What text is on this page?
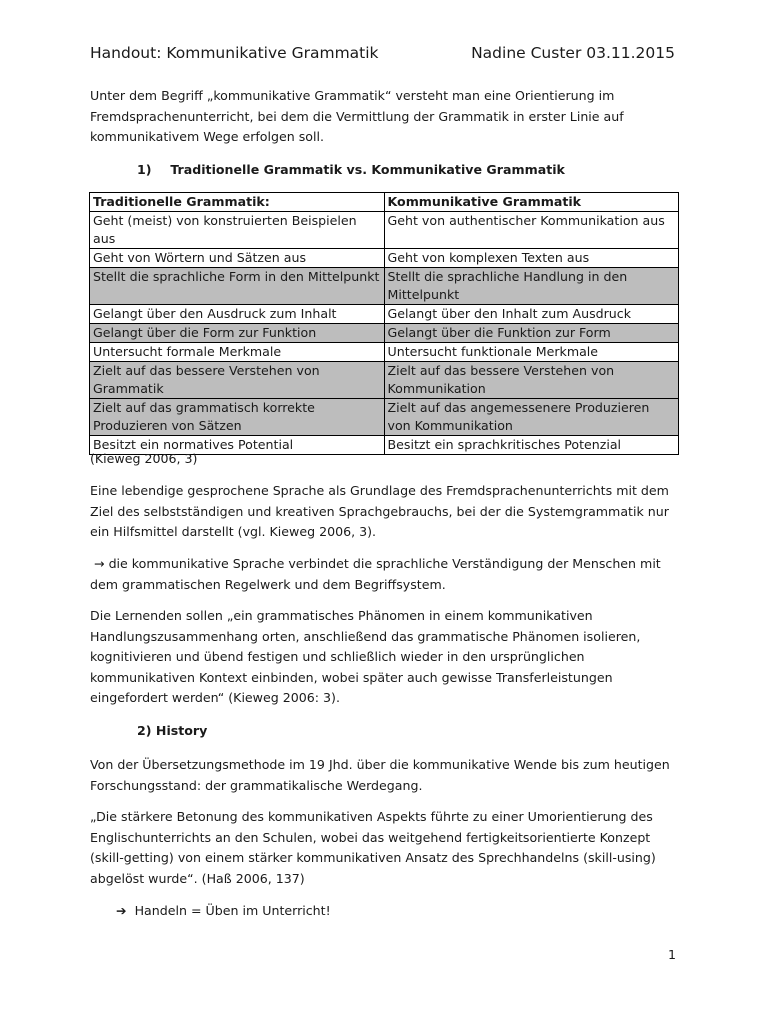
Handout: Kommunikative Grammatik	Nadine Custer 03.11.2015
Unter dem Begriff „kommunikative Grammatik“ versteht man eine Orientierung im Fremdsprachenunterricht, bei dem die Vermittlung der Grammatik in erster Linie auf kommunikativem Wege erfolgen soll.
1) Traditionelle Grammatik vs. Kommunikative Grammatik
Traditionelle Grammatik:	Kommunikative Grammatik
Geht (meist) von konstruierten Beispielen aus	Geht von authentischer Kommunikation aus
Geht von Wörtern und Sätzen aus	Geht von komplexen Texten aus
Stellt die sprachliche Form in den Mittelpunkt	Stellt die sprachliche Handlung in den Mittelpunkt
Gelangt über den Ausdruck zum Inhalt	Gelangt über den Inhalt zum Ausdruck
Gelangt über die Form zur Funktion	Gelangt über die Funktion zur Form
Untersucht formale Merkmale	Untersucht funktionale Merkmale
Zielt auf das bessere Verstehen von Grammatik	Zielt auf das bessere Verstehen von Kommunikation
Zielt auf das grammatisch korrekte Produzieren von Sätzen	Zielt auf das angemessenere Produzieren von Kommunikation
Besitzt ein normatives Potential	Besitzt ein sprachkritisches Potenzial
(Kieweg 2006, 3)
Eine lebendige gesprochene Sprache als Grundlage des Fremdsprachenunterrichts mit dem Ziel des selbstständigen und kreativen Sprachgebrauchs, bei der die Systemgrammatik nur ein Hilfsmittel darstellt (vgl. Kieweg 2006, 3).
→ die kommunikative Sprache verbindet die sprachliche Verständigung der Menschen mit dem grammatischen Regelwerk und dem Begriffsystem.
Die Lernenden sollen „ein grammatisches Phänomen in einem kommunikativen Handlungszusammenhang orten, anschließend das grammatische Phänomen isolieren, kognitivieren und übend festigen und schließlich wieder in den ursprünglichen kommunikativen Kontext einbinden, wobei später auch gewisse Transferleistungen eingefordert werden“ (Kieweg 2006: 3).
2) History
Von der Übersetzungsmethode im 19 Jhd. über die kommunikative Wende bis zum heutigen Forschungsstand: der grammatikalische Werdegang.
„Die stärkere Betonung des kommunikativen Aspekts führte zu einer Umorientierung des Englischunterrichts an den Schulen, wobei das weitgehend fertigkeitsorientierte Konzept (skill-getting) von einem stärker kommunikativen Ansatz des Sprechhandelns (skill-using) abgelöst wurde“. (Haß 2006, 137)
➔ Handeln = Üben im Unterricht!
1
